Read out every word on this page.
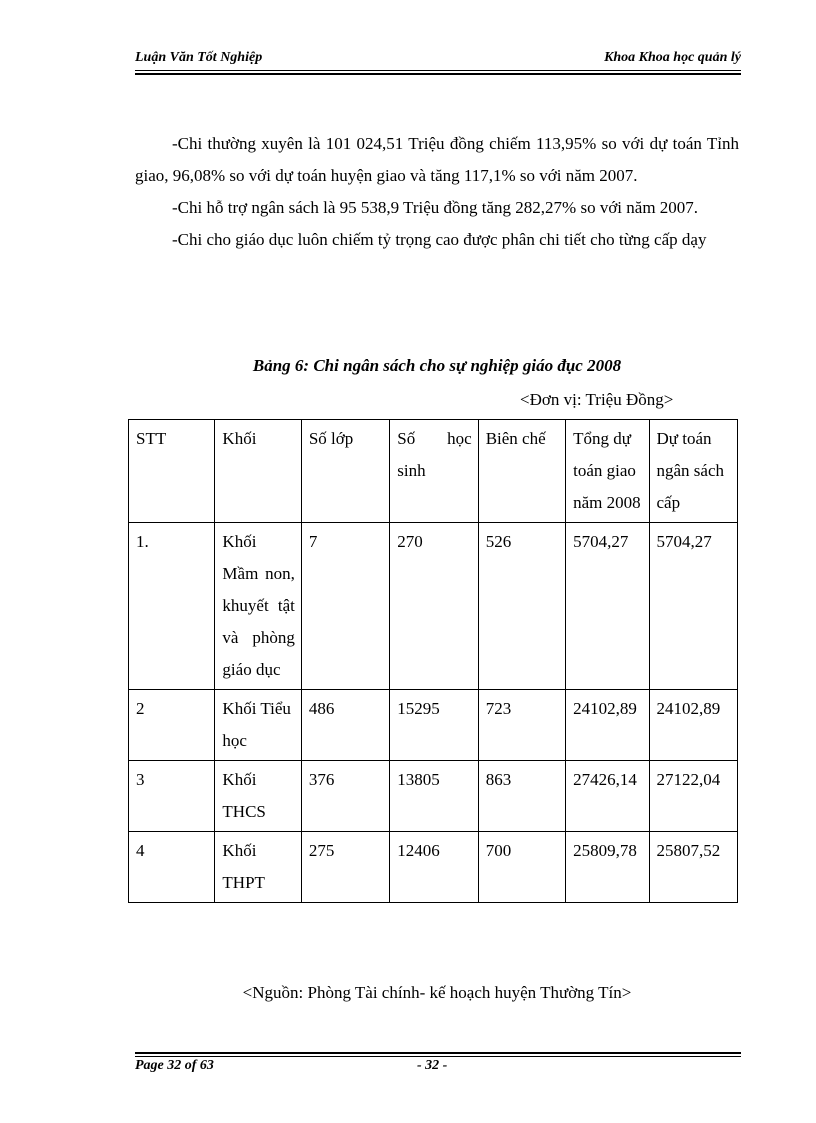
Luận Văn Tốt Nghiệp	Khoa Khoa học quản lý

-Chi thường xuyên là 101 024,51 Triệu đồng chiếm 113,95% so với dự toán Tỉnh giao, 96,08% so với dự toán huyện giao và tăng 117,1% so với năm 2007.

-Chi hỗ trợ ngân sách là 95 538,9 Triệu đồng tăng 282,27% so với năm 2007.

-Chi cho giáo dục luôn chiếm tỷ trọng cao được phân chi tiết cho từng cấp dạy

Bảng 6: Chi ngân sách cho sự nghiệp giáo đục 2008
<Đơn vị: Triệu Đồng>
STT	Khối	Số lớp	Số học sinh	Biên chế	Tổng dự toán giao năm 2008	Dự toán ngân sách cấp
1.	Khối Mầm non, khuyết tật và phòng giáo dục	7	270	526	5704,27	5704,27
2	Khối Tiểu học	486	15295	723	24102,89	24102,89
3	Khối THCS	376	13805	863	27426,14	27122,04
4	Khối THPT	275	12406	700	25809,78	25807,52
<Nguồn: Phòng Tài chính- kế hoạch huyện Thường Tín>
Page 32 of 63	- 32 -
